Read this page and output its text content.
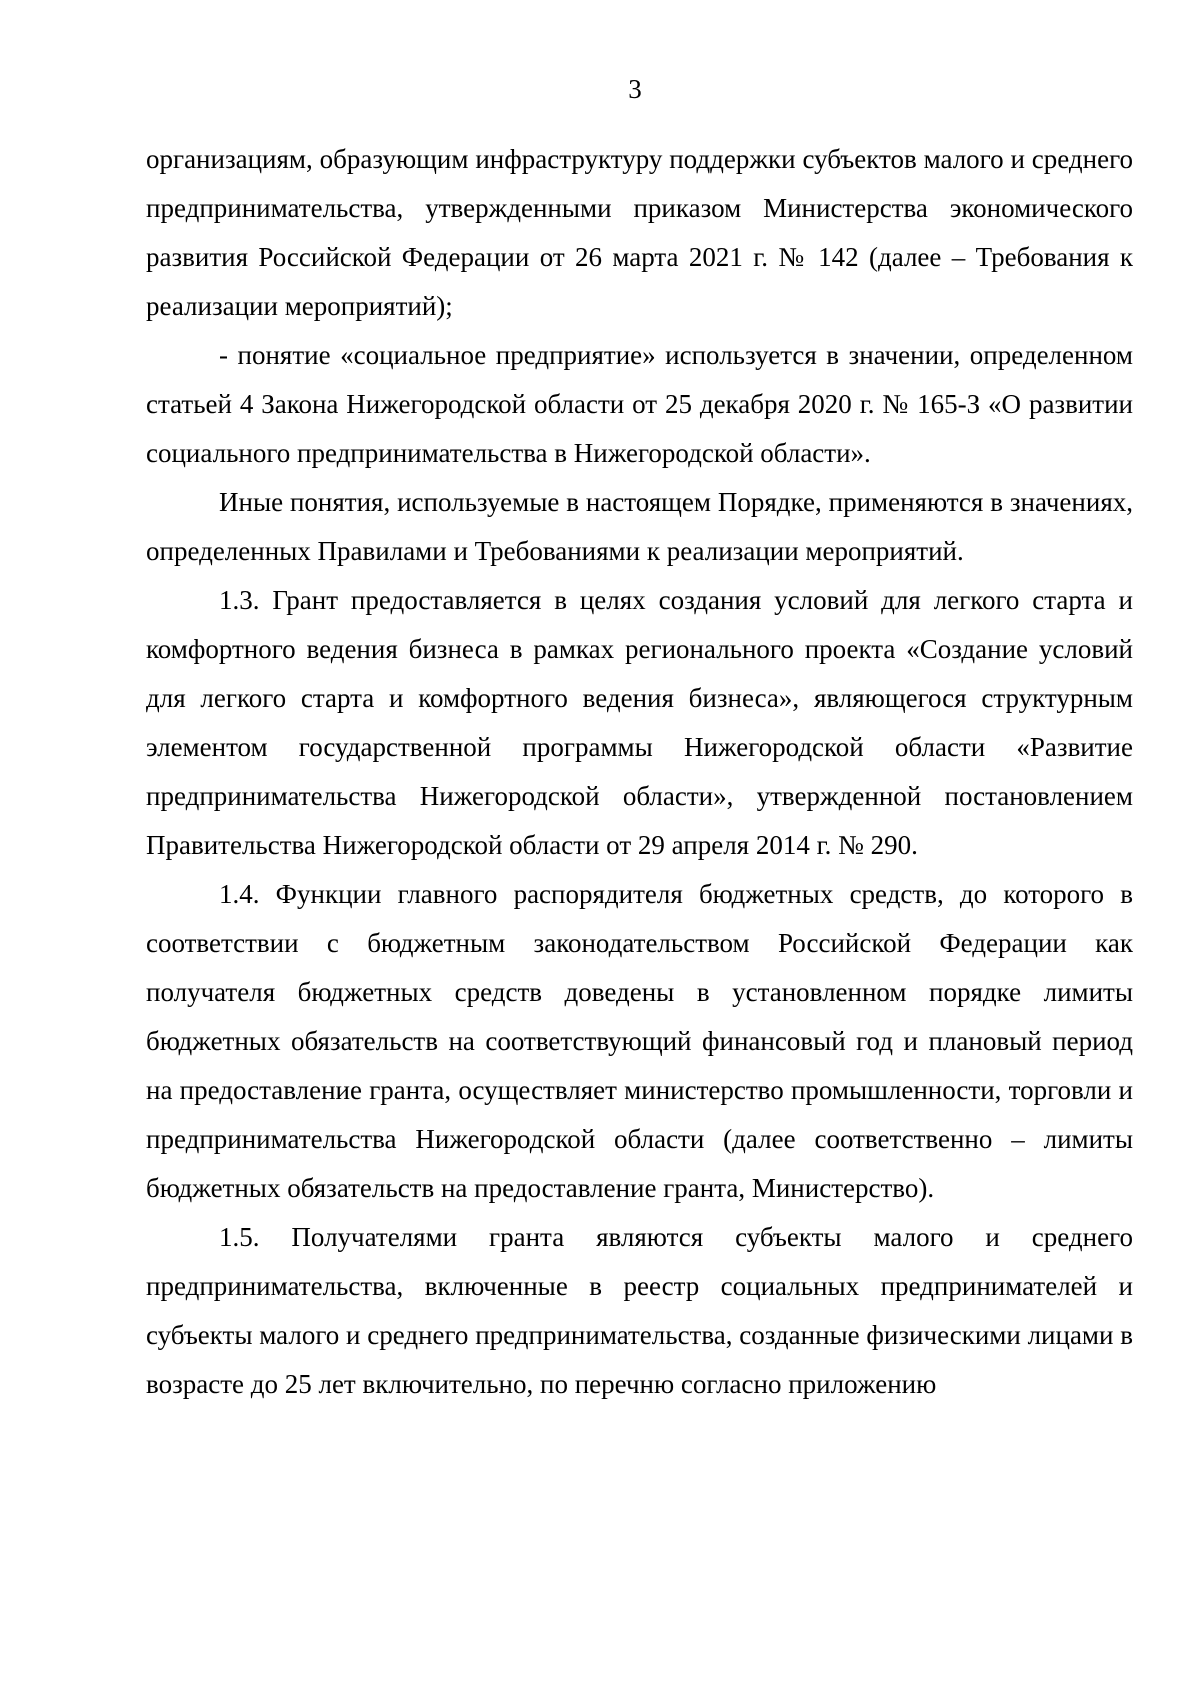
3

организациям, образующим инфраструктуру поддержки субъектов малого и среднего предпринимательства, утвержденными приказом Министерства экономического развития Российской Федерации от 26 марта 2021 г. № 142 (далее – Требования к реализации мероприятий);

- понятие «социальное предприятие» используется в значении, определенном статьей 4 Закона Нижегородской области от 25 декабря 2020 г. № 165-З «О развитии социального предпринимательства в Нижегородской области».

Иные понятия, используемые в настоящем Порядке, применяются в значениях, определенных Правилами и Требованиями к реализации мероприятий.

1.3. Грант предоставляется в целях создания условий для легкого старта и комфортного ведения бизнеса в рамках регионального проекта «Создание условий для легкого старта и комфортного ведения бизнеса», являющегося структурным элементом государственной программы Нижегородской области «Развитие предпринимательства Нижегородской области», утвержденной постановлением Правительства Нижегородской области от 29 апреля 2014 г. № 290.

1.4. Функции главного распорядителя бюджетных средств, до которого в соответствии с бюджетным законодательством Российской Федерации как получателя бюджетных средств доведены в установленном порядке лимиты бюджетных обязательств на соответствующий финансовый год и плановый период на предоставление гранта, осуществляет министерство промышленности, торговли и предпринимательства Нижегородской области (далее соответственно – лимиты бюджетных обязательств на предоставление гранта, Министерство).

1.5. Получателями гранта являются субъекты малого и среднего предпринимательства, включенные в реестр социальных предпринимателей и субъекты малого и среднего предпринимательства, созданные физическими лицами в возрасте до 25 лет включительно, по перечню согласно приложению
